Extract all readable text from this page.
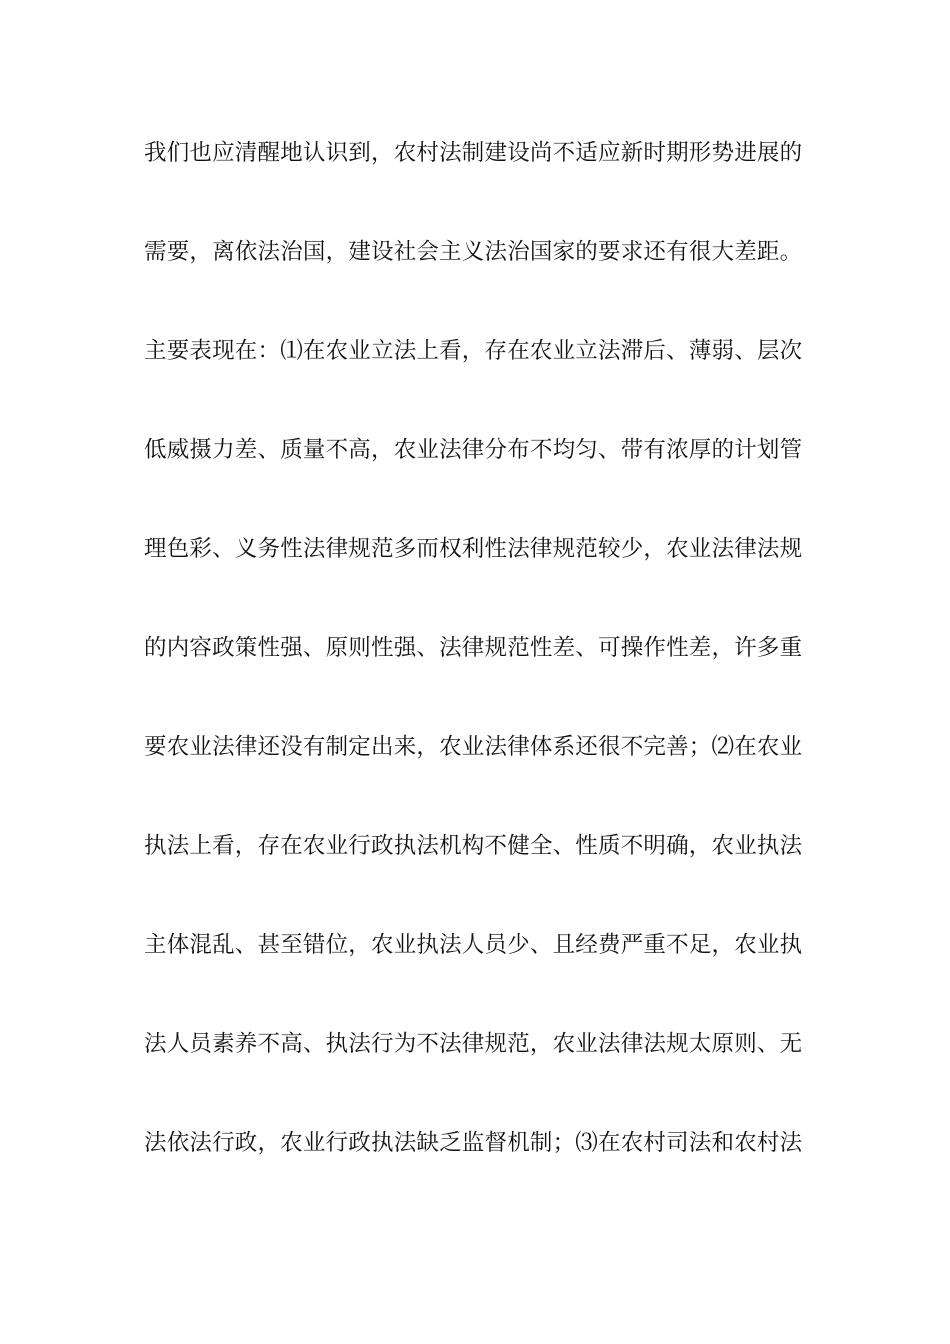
我们也应清醒地认识到，农村法制建设尚不适应新时期形势进展的
需要，离依法治国，建设社会主义法治国家的要求还有很大差距。
主要表现在：⑴在农业立法上看，存在农业立法滞后、薄弱、层次
低威摄力差、质量不高，农业法律分布不均匀、带有浓厚的计划管
理色彩、义务性法律规范多而权利性法律规范较少，农业法律法规
的内容政策性强、原则性强、法律规范性差、可操作性差，许多重
要农业法律还没有制定出来，农业法律体系还很不完善；⑵在农业
执法上看，存在农业行政执法机构不健全、性质不明确，农业执法
主体混乱、甚至错位，农业执法人员少、且经费严重不足，农业执
法人员素养不高、执法行为不法律规范，农业法律法规太原则、无
法依法行政，农业行政执法缺乏监督机制；⑶在农村司法和农村法
